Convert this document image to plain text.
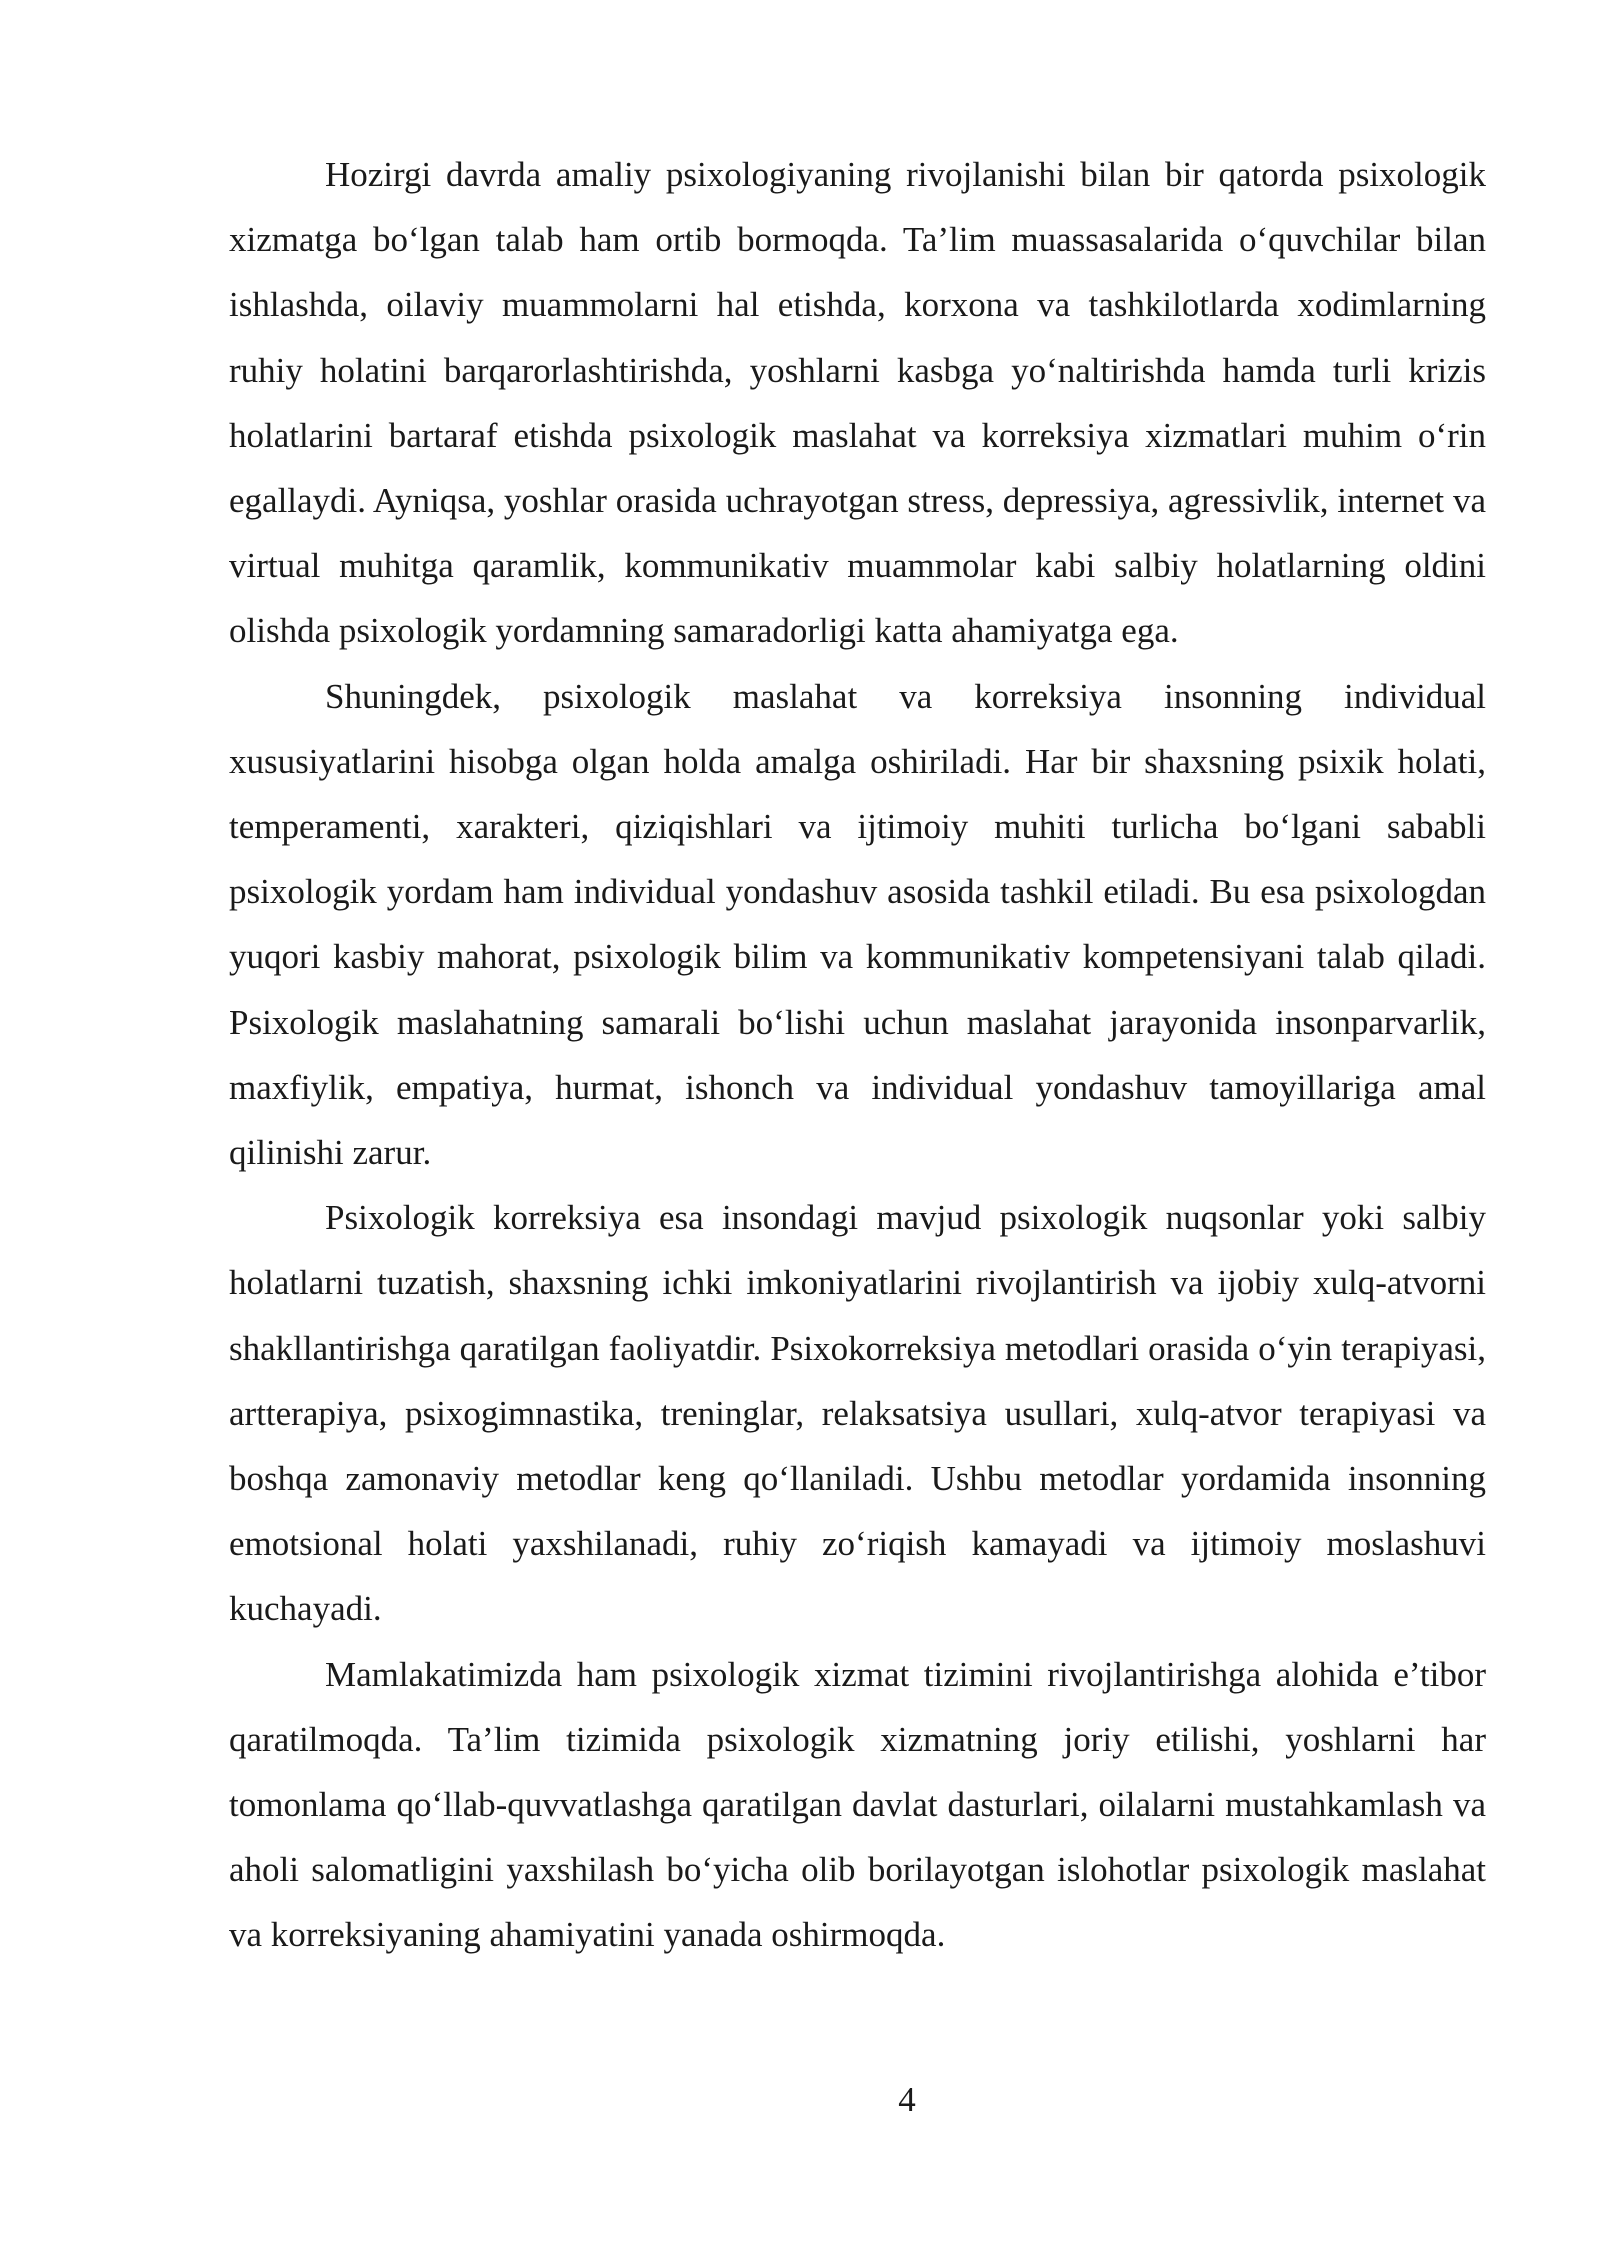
Hozirgi davrda amaliy psixologiyaning rivojlanishi bilan bir qatorda psixologik xizmatga bo‘lgan talab ham ortib bormoqda. Ta’lim muassasalarida o‘quvchilar bilan ishlashda, oilaviy muammolarni hal etishda, korxona va tashkilotlarda xodimlarning ruhiy holatini barqarorlashtirishda, yoshlarni kasbga yo‘naltirishda hamda turli krizis holatlarini bartaraf etishda psixologik maslahat va korreksiya xizmatlari muhim o‘rin egallaydi. Ayniqsa, yoshlar orasida uchrayotgan stress, depressiya, agressivlik, internet va virtual muhitga qaramlik, kommunikativ muammolar kabi salbiy holatlarning oldini olishda psixologik yordamning samaradorligi katta ahamiyatga ega.

Shuningdek, psixologik maslahat va korreksiya insonning individual xususiyatlarini hisobga olgan holda amalga oshiriladi. Har bir shaxsning psixik holati, temperamenti, xarakteri, qiziqishlari va ijtimoiy muhiti turlicha bo‘lgani sababli psixologik yordam ham individual yondashuv asosida tashkil etiladi. Bu esa psixologdan yuqori kasbiy mahorat, psixologik bilim va kommunikativ kompetensiyani talab qiladi. Psixologik maslahatning samarali bo‘lishi uchun maslahat jarayonida insonparvarlik, maxfiylik, empatiya, hurmat, ishonch va individual yondashuv tamoyillariga amal qilinishi zarur.

Psixologik korreksiya esa insondagi mavjud psixologik nuqsonlar yoki salbiy holatlarni tuzatish, shaxsning ichki imkoniyatlarini rivojlantirish va ijobiy xulq-atvorni shakllantirishga qaratilgan faoliyatdir. Psixokorreksiya metodlari orasida o‘yin terapiyasi, artterapiya, psixogimnastika, treninglar, relaksatsiya usullari, xulq-atvor terapiyasi va boshqa zamonaviy metodlar keng qo‘llaniladi. Ushbu metodlar yordamida insonning emotsional holati yaxshilanadi, ruhiy zo‘riqish kamayadi va ijtimoiy moslashuvi kuchayadi.

Mamlakatimizda ham psixologik xizmat tizimini rivojlantirishga alohida e’tibor qaratilmoqda. Ta’lim tizimida psixologik xizmatning joriy etilishi, yoshlarni har tomonlama qo‘llab-quvvatlashga qaratilgan davlat dasturlari, oilalarni mustahkamlash va aholi salomatligini yaxshilash bo‘yicha olib borilayotgan islohotlar psixologik maslahat va korreksiyaning ahamiyatini yanada oshirmoqda.

4
